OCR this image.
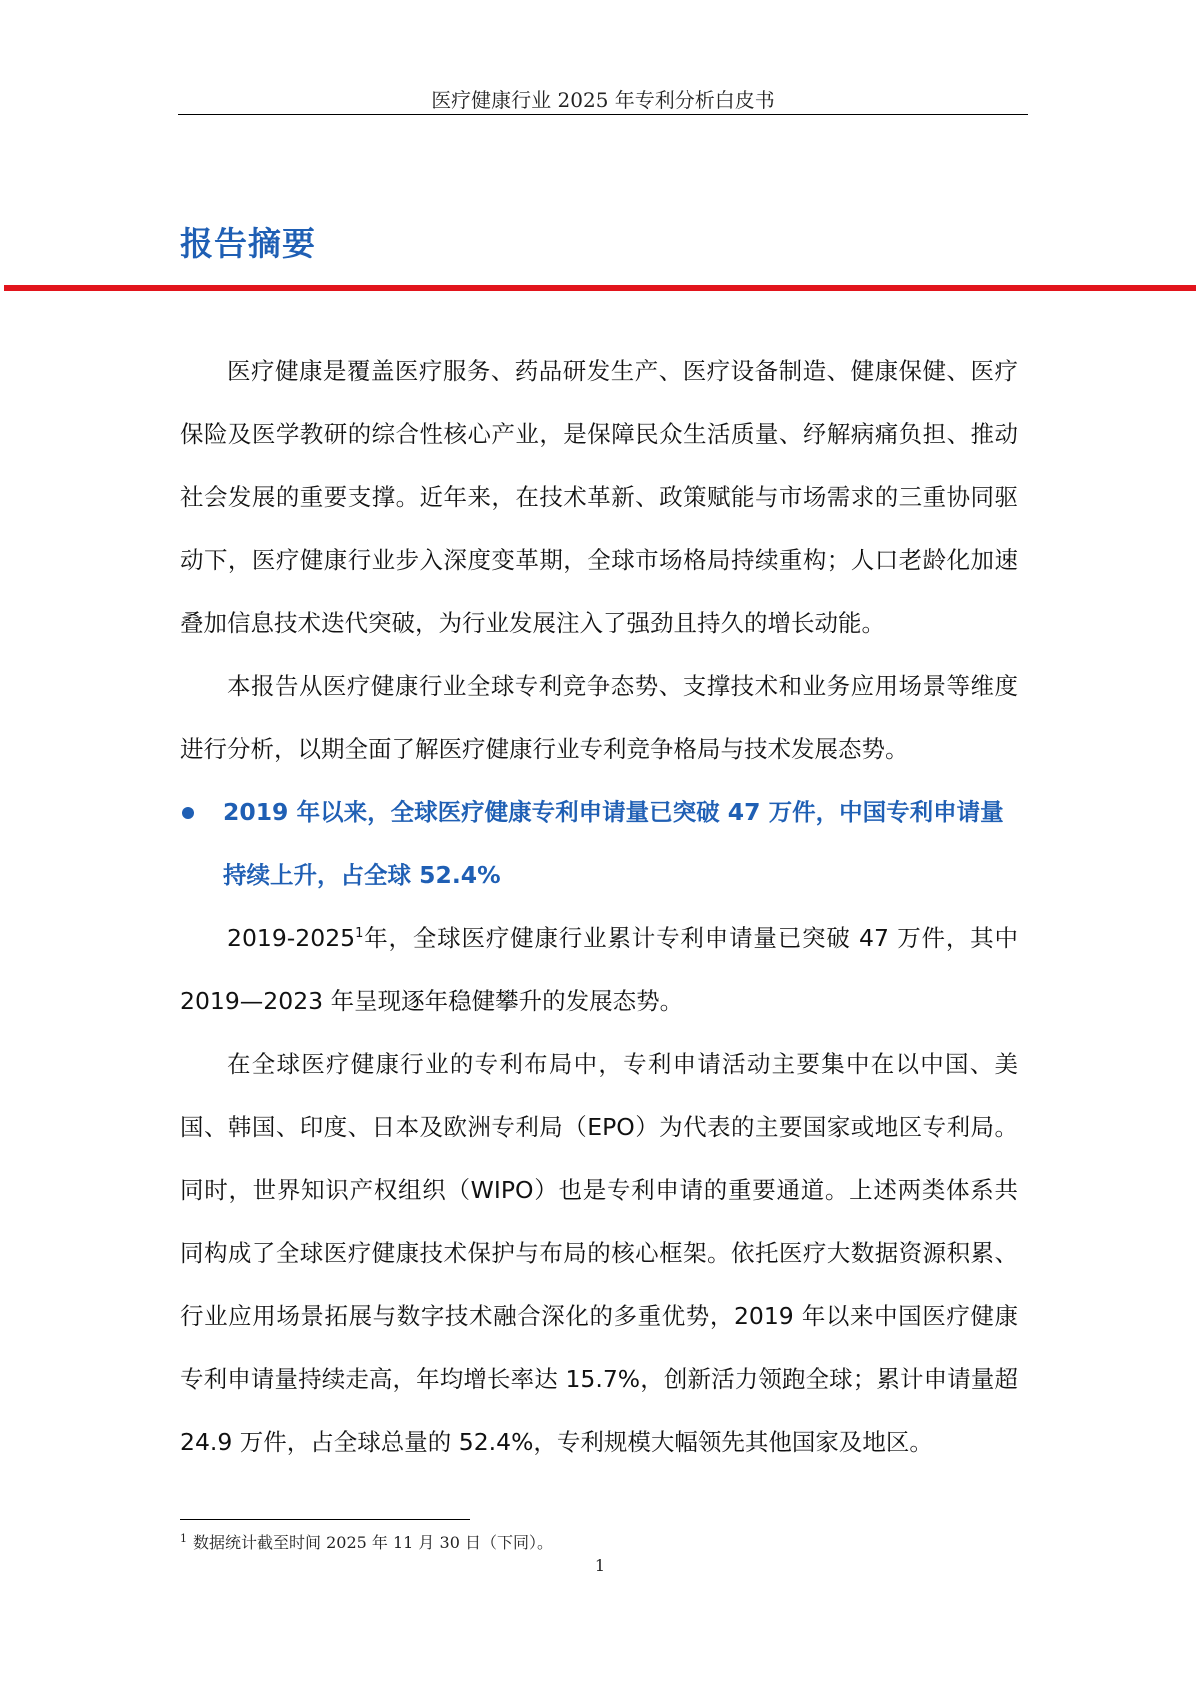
医疗健康行业 2025 年专利分析白皮书
报告摘要

医疗健康是覆盖医疗服务、药品研发生产、医疗设备制造、健康保健、医疗保险及医学教研的综合性核心产业，是保障民众生活质量、纾解病痛负担、推动社会发展的重要支撑。近年来，在技术革新、政策赋能与市场需求的三重协同驱动下，医疗健康行业步入深度变革期，全球市场格局持续重构；人口老龄化加速叠加信息技术迭代突破，为行业发展注入了强劲且持久的增长动能。

本报告从医疗健康行业全球专利竞争态势、支撑技术和业务应用场景等维度进行分析，以期全面了解医疗健康行业专利竞争格局与技术发展态势。

2019 年以来，全球医疗健康专利申请量已突破 47 万件，中国专利申请量持续上升，占全球 52.4%

2019-2025$^1$年，全球医疗健康行业累计专利申请量已突破 47 万件，其中2019—2023 年呈现逐年稳健攀升的发展态势。

在全球医疗健康行业的专利布局中，专利申请活动主要集中在以中国、美国、韩国、印度、日本及欧洲专利局（EPO）为代表的主要国家或地区专利局。同时，世界知识产权组织（WIPO）也是专利申请的重要通道。上述两类体系共同构成了全球医疗健康技术保护与布局的核心框架。依托医疗大数据资源积累、行业应用场景拓展与数字技术融合深化的多重优势，2019 年以来中国医疗健康专利申请量持续走高，年均增长率达 15.7%，创新活力领跑全球；累计申请量超 24.9 万件，占全球总量的 52.4%，专利规模大幅领先其他国家及地区。

$^1$ 数据统计截至时间 2025 年 11 月 30 日（下同）。
1
